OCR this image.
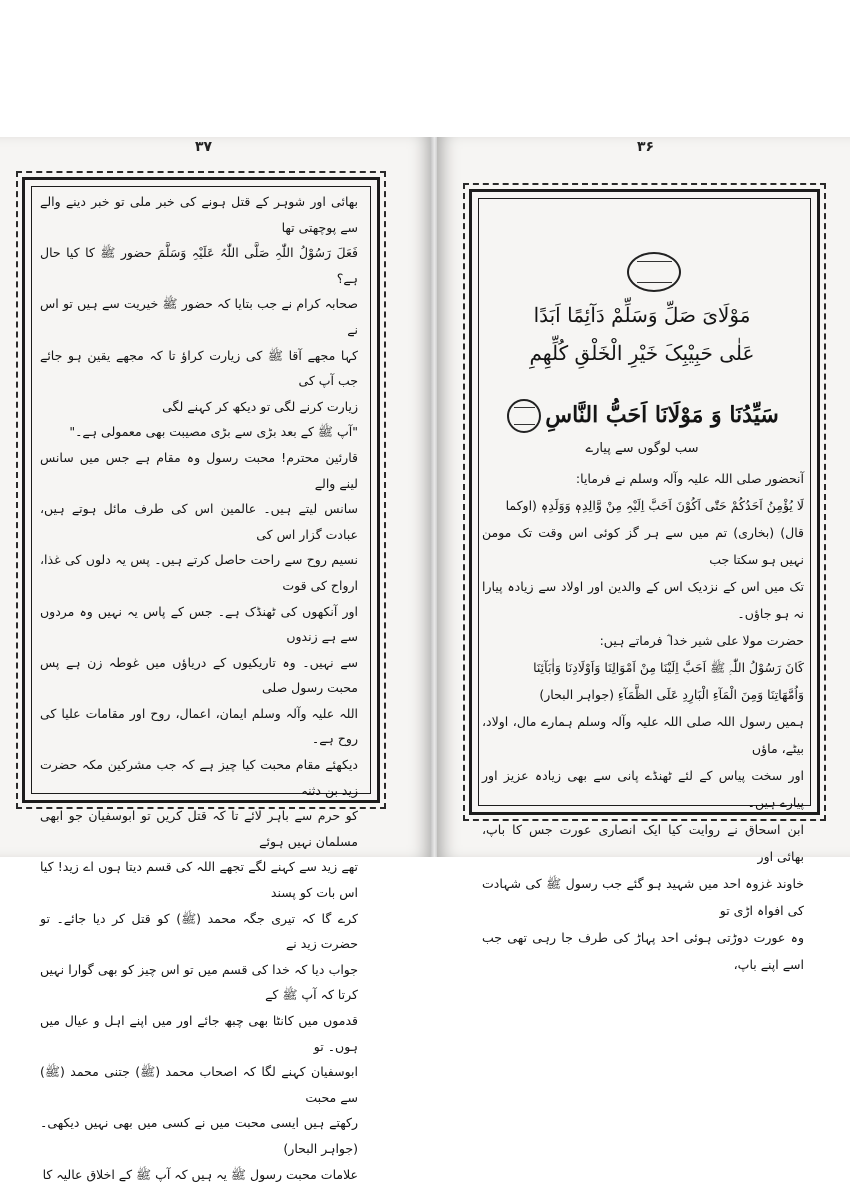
۳۷

بھائی اور شوہر کے قتل ہونے کی خبر ملی تو خبر دینے والے سے پوچھتی تھا

فَعَلَ رَسُوْلُ اللّٰہِ صَلَّی اللّٰہُ عَلَیْہِ وَسَلَّمَ حضور ﷺ کا کیا حال ہے؟

صحابہ کرام نے جب بتایا کہ حضور ﷺ خیریت سے ہیں تو اس نے

کہا مجھے آقا ﷺ کی زیارت کراؤ تا کہ مجھے یقین ہو جائے جب آپ کی

زیارت کرنے لگی تو دیکھ کر کہنے لگی

"آپ ﷺ کے بعد بڑی سے بڑی مصیبت بھی معمولی ہے۔"

قارئین محترم! محبت رسول وہ مقام ہے جس میں سانس لینے والے

سانس لیتے ہیں۔ عالمین اس کی طرف مائل ہوتے ہیں، عبادت گزار اس کی

نسیم روح سے راحت حاصل کرتے ہیں۔ پس یہ دلوں کی غذا، ارواح کی قوت

اور آنکھوں کی ٹھنڈک ہے۔ جس کے پاس یہ نہیں وہ مردوں سے ہے زندوں

سے نہیں۔ وہ تاریکیوں کے دریاؤں میں غوطہ زن ہے پس محبت رسول صلی

اللہ علیہ وآلہ وسلم ایمان، اعمال، روح اور مقامات علیا کی روح ہے۔

دیکھئے مقام محبت کیا چیز ہے کہ جب مشرکین مکہ حضرت زید بن دثنہ

کو حرم سے باہر لائے تا کہ قتل کریں تو ابوسفیان جو ابھی مسلمان نہیں ہوئے

تھے زید سے کہنے لگے تجھے اللہ کی قسم دیتا ہوں اے زید! کیا اس بات کو پسند

کرے گا کہ تیری جگہ محمد (ﷺ) کو قتل کر دیا جائے۔ تو حضرت زید نے

جواب دیا کہ خدا کی قسم میں تو اس چیز کو بھی گوارا نہیں کرتا کہ آپ ﷺ کے

قدموں میں کانٹا بھی چبھ جائے اور میں اپنے اہل و عیال میں ہوں۔ تو

ابوسفیان کہنے لگا کہ اصحاب محمد (ﷺ) جتنی محمد (ﷺ) سے محبت

رکھتے ہیں ایسی محبت میں نے کسی میں بھی نہیں دیکھی۔ (جواہر البحار)

علامات محبت رسول ﷺ یہ ہیں کہ آپ ﷺ کے اخلاق عالیہ کا

۳۶
مَوْلَایَ صَلِّ وَسَلِّمْ دَآئِمًا اَبَدًا
عَلٰی حَبِیْبِکَ خَیْرِ الْخَلْقِ کُلِّھِمِ
سَیِّدُنَا وَ مَوْلَانَا اَحَبُّ النَّاسِ
سب لوگوں سے پیارے

آنحضور صلی اللہ علیہ وآلہ وسلم نے فرمایا:

لَا یُؤْمِنُ اَحَدُکُمْ حَتّٰی اَکُوْنَ اَحَبَّ اِلَیْہِ مِنْ وَّالِدِہٖ وَوَلَدِہٖ (اوکما

قال) (بخاری) تم میں سے ہر گز کوئی اس وقت تک مومن نہیں ہو سکتا جب

تک میں اس کے نزدیک اس کے والدین اور اولاد سے زیادہ پیارا نہ ہو جاؤں۔

حضرت مولا علی شیر خدا ؓ فرماتے ہیں:

کَانَ رَسُوْلُ اللّٰہِ ﷺ اَحَبَّ اِلَیْنَا مِنْ اَمْوَالِنَا وَاَوْلَادِنَا وَاٰبَآئِنَا

وَاُمَّھَاتِنَا وَمِنَ الْمَآءِ الْبَارِدِ عَلَی الظَّمَآءِ (جواہر البحار)

ہمیں رسول اللہ صلی اللہ علیہ وآلہ وسلم ہمارے مال، اولاد، بیٹے، ماؤں

اور سخت پیاس کے لئے ٹھنڈے پانی سے بھی زیادہ عزیز اور پیارے ہیں۔

ابن اسحاق نے روایت کیا ایک انصاری عورت جس کا باپ، بھائی اور

خاوند غزوہ احد میں شہید ہو گئے جب رسول ﷺ کی شہادت کی افواہ اڑی تو

وہ عورت دوڑتی ہوئی احد پہاڑ کی طرف جا رہی تھی جب اسے اپنے باپ،
